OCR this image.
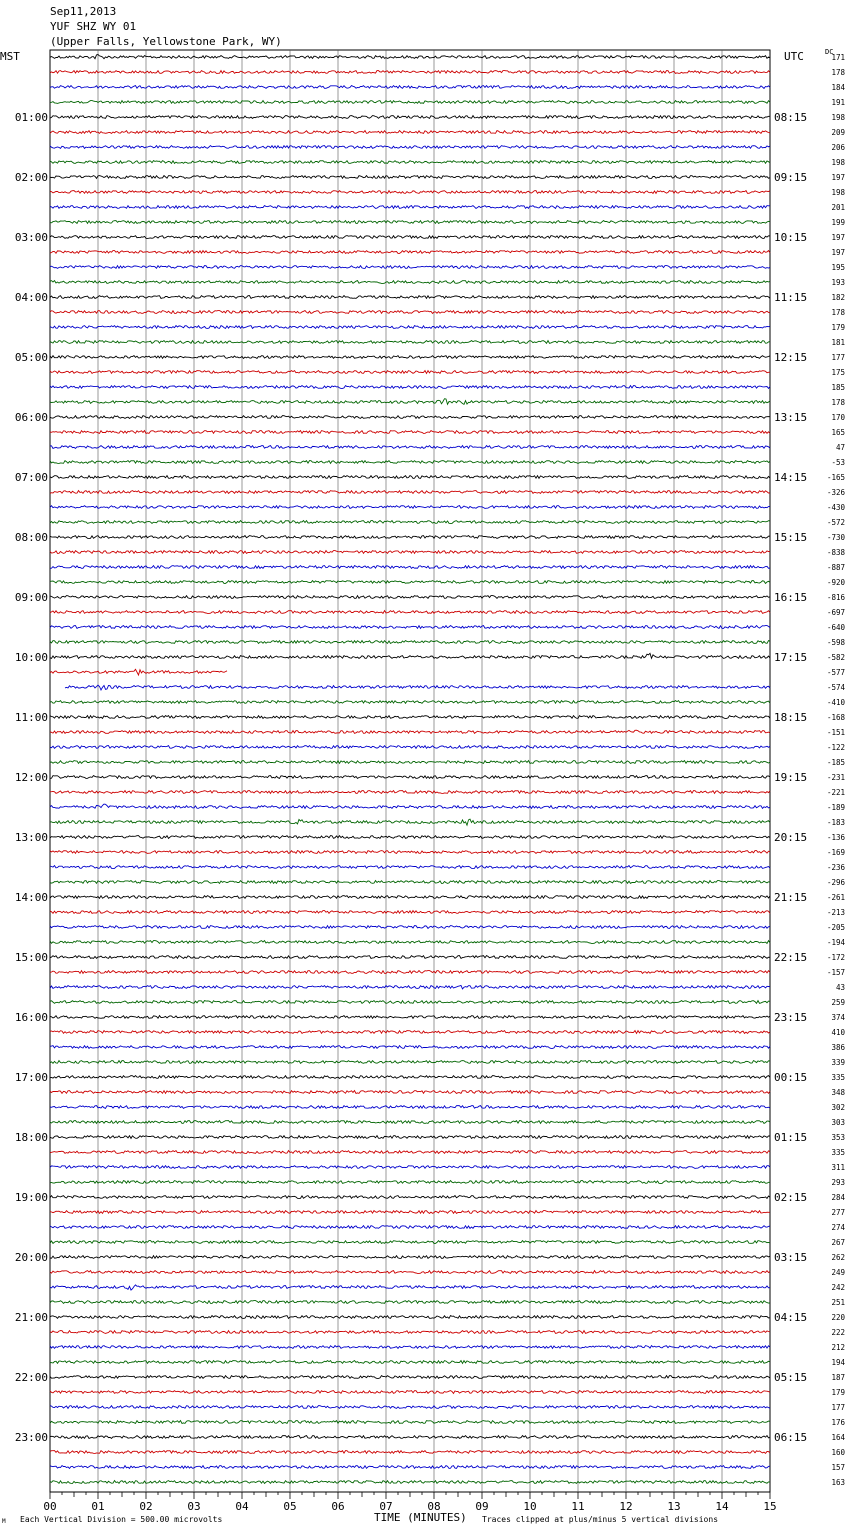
Sep11,2013
YUF SHZ WY 01
(Upper Falls, Yellowstone Park, WY)
MST	UTC	DC
171
178
184
191
198
209
206
198
197
198
201
199
197
197
195
193
182
178
179
181
177
175
185
178
170
165
47
-53
-165
-326
-430
-572
-730
-838
-887
-920
-816
-697
-640
-598
-582
-577
-574
-410
-168
-151
-122
-185
-231
-221
-189
-183
-136
-169
-236
-296
-261
-213
-205
-194
-172
-157
43
259
374
410
386
339
335
348
302
303
353
335
311
293
284
277
274
267
262
249
242
251
220
222
212
194
187
179
177
176
164
160
157
163
01:00
02:00
03:00
04:00
05:00
06:00
07:00
08:00
09:00
10:00
11:00
12:00
13:00
14:00
15:00
16:00
17:00
18:00
19:00
20:00
21:00
22:00
23:00
08:15
09:15
10:15
11:15
12:15
13:15
14:15
15:15
16:15
17:15
18:15
19:15
20:15
21:15
22:15
23:15
00:15
01:15
02:15
03:15
04:15
05:15
06:15
00	01	02	03	04	05	06	07	08	09	10	11	12	13	14	15
TIME (MINUTES)
M Each Vertical Division = 500.00 microvolts	Traces clipped at plus/minus 5 vertical divisions
